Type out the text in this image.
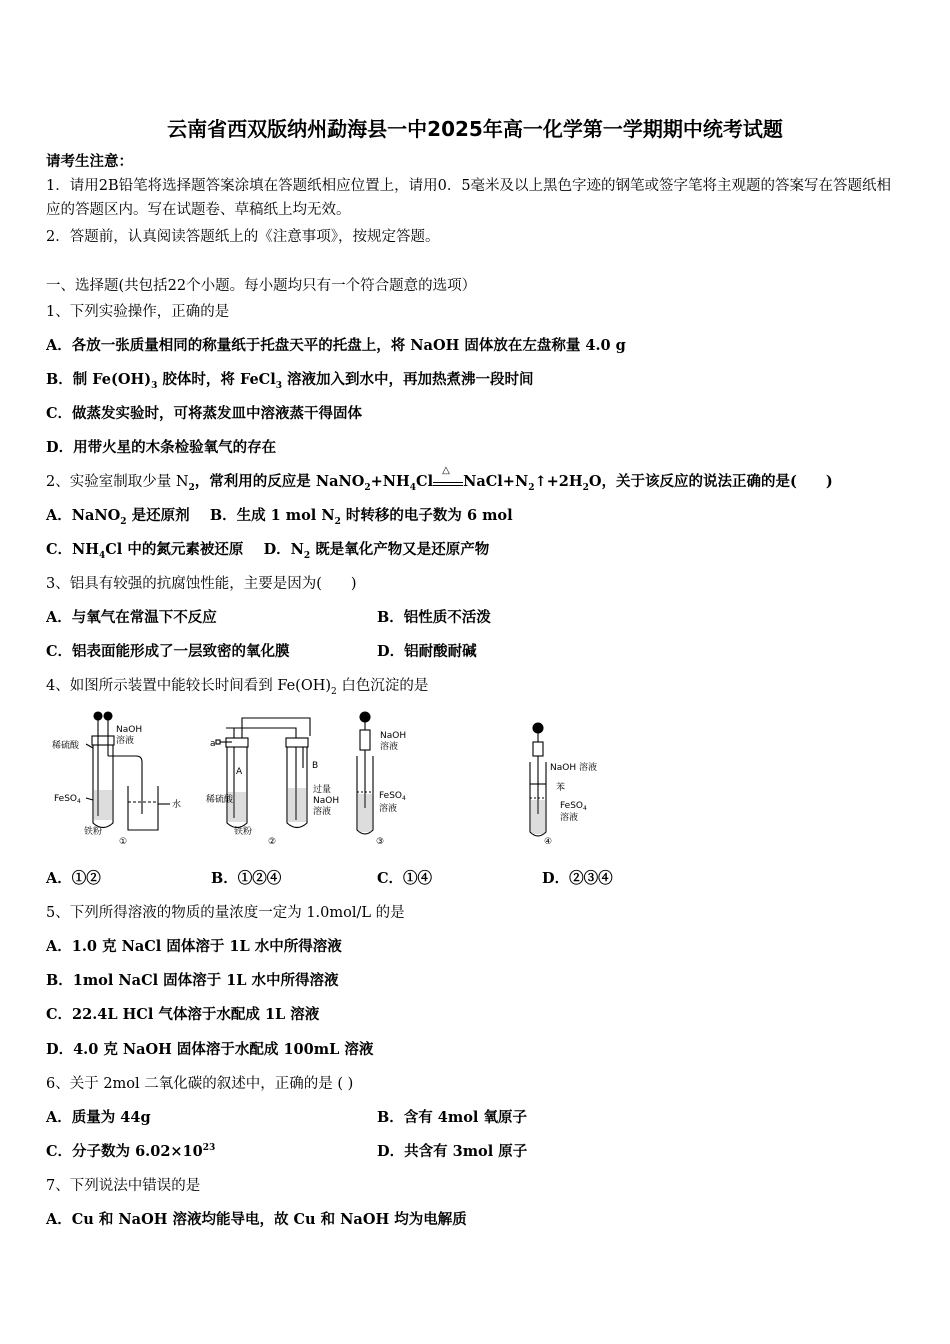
云南省西双版纳州勐海县一中2025年高一化学第一学期期中统考试题
请考生注意：
1．请用2B铅笔将选择题答案涂填在答题纸相应位置上，请用0．5毫米及以上黑色字迹的钢笔或签字笔将主观题的答案写在答题纸相应的答题区内。写在试题卷、草稿纸上均无效。
2．答题前，认真阅读答题纸上的《注意事项》，按规定答题。
一、选择题(共包括22个小题。每小题均只有一个符合题意的选项）
1、下列实验操作，正确的是
A．各放一张质量相同的称量纸于托盘天平的托盘上，将 NaOH 固体放在左盘称量 4.0 g
B．制 $Fe(OH)_3$ 胶体时，将 FeCl$_3$ 溶液加入到水中，再加热煮沸一段时间
C．做蒸发实验时，可将蒸发皿中溶液蒸干得固体
D．用带火星的木条检验氧气的存在
2、实验室制取少量 $N_2$，常利用的反应是 $NaNO_2+NH_4Cl$
△
$NaCl+N_2↑+2H_2O$，关于该反应的说法正确的是(　　)
A．NaNO$_2$ 是还原剂 B．生成 1 mol $N_2$ 时转移的电子数为 6 mol
C．$NH_4Cl$ 中的氮元素被还原 D．$N_2$ 既是氧化产物又是还原产物
3、铝具有较强的抗腐蚀性能，主要是因为(　　)
A．与氧气在常温下不反应	B．铝性质不活泼
C．铝表面能形成了一层致密的氧化膜	D．铝耐酸耐碱
4、如图所示装置中能较长时间看到 $Fe(OH)_2$ 白色沉淀的是
NaOH
溶液
稀硫酸
FeSO$_4$	水
铁粉
①
a
A
B
稀硫酸
过量
NaOH
溶液
铁粉
②
NaOH
溶液
FeSO$_4$
溶液
③
NaOH 溶液
苯
FeSO$_4$
溶液
④
A．①②	B．①②④	C．①④	D．②③④
5、下列所得溶液的物质的量浓度一定为 1.0mol/L 的是
A．1.0 克 NaCl 固体溶于 1L 水中所得溶液
B．1mol NaCl 固体溶于 1L 水中所得溶液
C．22.4L HCl 气体溶于水配成 1L 溶液
D．4.0 克 NaOH 固体溶于水配成 100mL 溶液
6、关于 2mol 二氧化碳的叙述中，正确的是 ( )
A．质量为 44g	B．含有 4mol 氧原子
C．分子数为 $6.02\times 10^{23}$	D．共含有 3mol 原子
7、下列说法中错误的是
A．Cu 和 NaOH 溶液均能导电，故 Cu 和 NaOH 均为电解质
